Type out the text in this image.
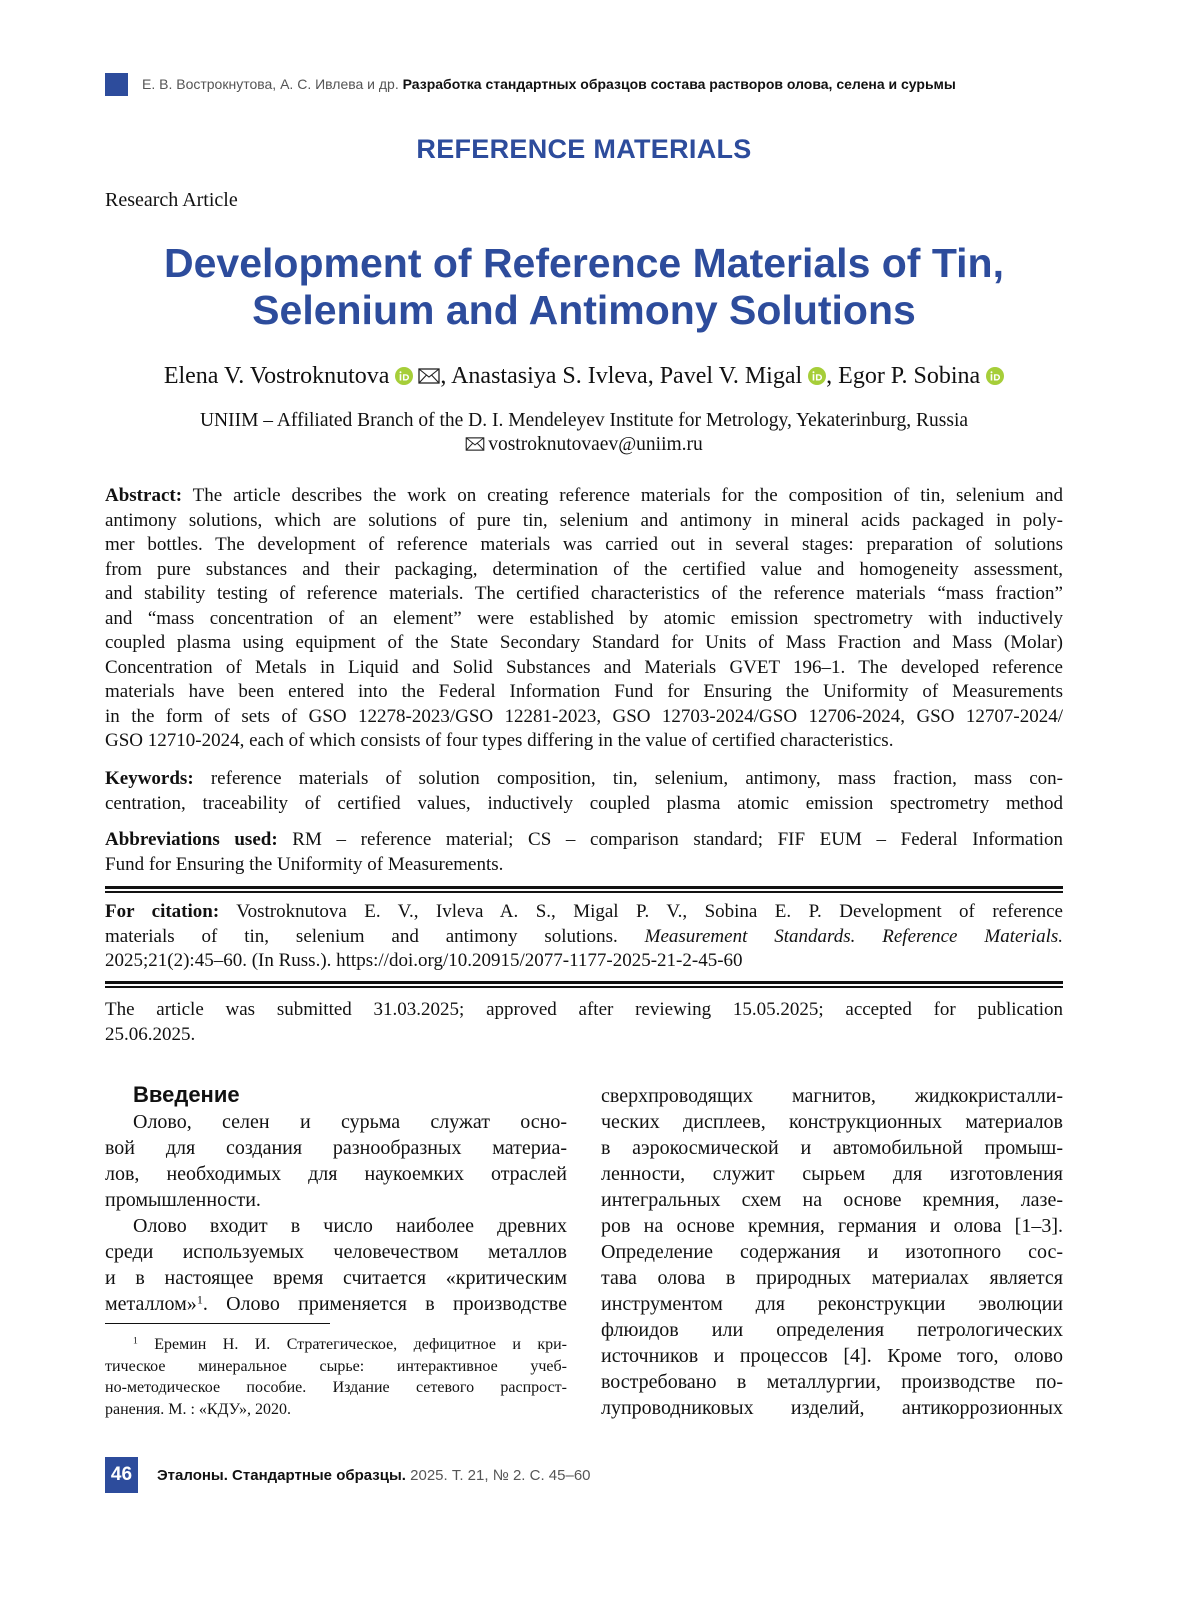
Е. В. Вострокнутова, А. С. Ивлева и др. Разработка стандартных образцов состава растворов олова, селена и сурьмы
REFERENCE MATERIALS
Research Article
Development of Reference Materials of Tin,
Selenium and Antimony Solutions
Elena V. Vostroknutova , Anastasiya S. Ivleva, Pavel V. Migal , Egor P. Sobina
UNIIM – Affiliated Branch of the D. I. Mendeleyev Institute for Metrology, Yekaterinburg, Russia
vostroknutovaev@uniim.ru
Abstract: The article describes the work on creating reference materials for the composition of tin, selenium and
antimony solutions, which are solutions of pure tin, selenium and antimony in mineral acids packaged in poly-
mer bottles. The development of reference materials was carried out in several stages: preparation of solutions
from pure substances and their packaging, determination of the certified value and homogeneity assessment,
and stability testing of reference materials. The certified characteristics of the reference materials “mass fraction”
and “mass concentration of an element” were established by atomic emission spectrometry with inductively
coupled plasma using equipment of the State Secondary Standard for Units of Mass Fraction and Mass (Molar)
Concentration of Metals in Liquid and Solid Substances and Materials GVET 196–1. The developed reference
materials have been entered into the Federal Information Fund for Ensuring the Uniformity of Measurements
in the form of sets of GSO 12278-2023/GSO 12281-2023, GSO 12703-2024/GSO 12706-2024, GSO 12707-2024/
GSO 12710-2024, each of which consists of four types differing in the value of certified characteristics.
Keywords: reference materials of solution composition, tin, selenium, antimony, mass fraction, mass con-
centration, traceability of certified values, inductively coupled plasma atomic emission spectrometry method
Abbreviations used: RM – reference material; CS – comparison standard; FIF EUM – Federal Information
Fund for Ensuring the Uniformity of Measurements.
For citation: Vostroknutova E. V., Ivleva A. S., Migal P. V., Sobina E. P. Development of reference
materials of tin, selenium and antimony solutions. Measurement Standards. Reference Materials.
2025;21(2):45–60. (In Russ.). https://doi.org/10.20915/2077-1177-2025-21-2-45-60
The article was submitted 31.03.2025; approved after reviewing 15.05.2025; accepted for publication
25.06.2025.
Введение
Олово, селен и сурьма служат осно-
вой для создания разнообразных материа-
лов, необходимых для наукоемких отраслей
промышленности.
Олово входит в число наиболее древних
среди используемых человечеством металлов
и в настоящее время считается «критическим
металлом»$^1$. Олово применяется в производстве
$^1$ Еремин Н. И. Стратегическое, дефицитное и кри-
тическое минеральное сырье: интерактивное учеб-
но-методическое пособие. Издание сетевого распрост-
ранения. М. : «КДУ», 2020.
сверхпроводящих магнитов, жидкокристалли-
ческих дисплеев, конструкционных материалов
в аэрокосмической и автомобильной промыш-
ленности, служит сырьем для изготовления
интегральных схем на основе кремния, лазе-
ров на основе кремния, германия и олова [1–3].
Определение содержания и изотопного сос-
тава олова в природных материалах является
инструментом для реконструкции эволюции
флюидов или определения петрологических
источников и процессов [4]. Кроме того, олово
востребовано в металлургии, производстве по-
лупроводниковых изделий, антикоррозионных
46	Эталоны. Стандартные образцы. 2025. Т. 21, № 2. С. 45–60
